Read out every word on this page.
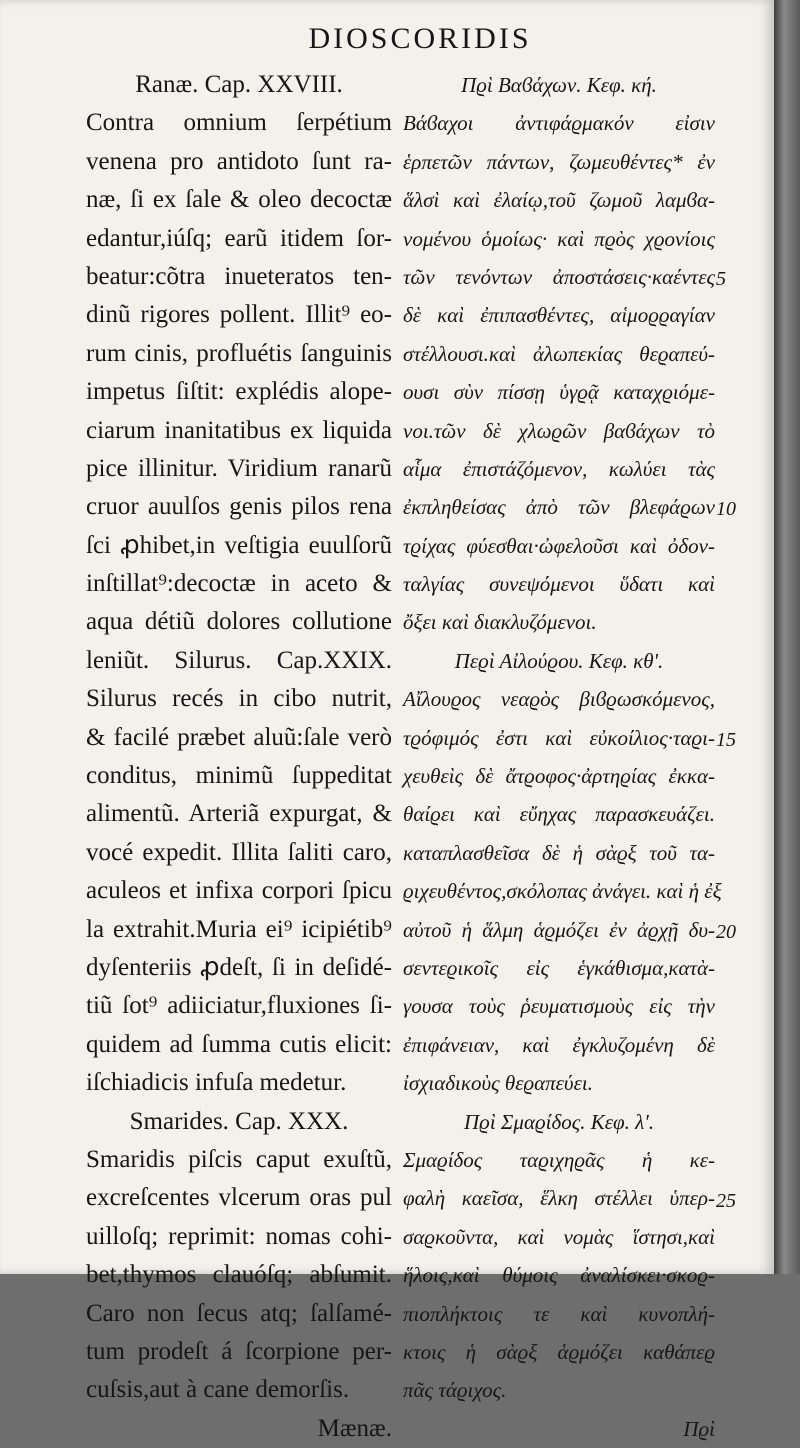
DIOSCORIDIS
Ranæ. Cap. XXVIII.
Contra omnium ſerpétium
venena pro antidoto ſunt ra-
næ, ſi ex ſale & oleo decoctæ
edantur,iúſq; earũ itidem ſor-
beatur:cõtra inueteratos ten-
dinũ rigores pollent. Illit⁹ eo-
rum cinis, profluétis ſanguinis
impetus ſiſtit: explédis alope-
ciarum inanitatibus ex liquida
pice illinitur. Viridium ranarũ
cruor auulſos genis pilos rena
ſci ꝓhibet,in veſtigia euulſorũ
inſtillat⁹:decoctæ in aceto &
aqua détiũ dolores collutione
leniũt. Silurus. Cap.XXIX.
Silurus recés in cibo nutrit,
& facilé præbet aluũ:ſale verò
conditus, minimũ ſuppeditat
alimentũ. Arteriã expurgat, &
vocé expedit. Illita ſaliti caro,
aculeos et infixa corpori ſpicu
la extrahit.Muria ei⁹ icipiétib⁹
dyſenteriis ꝓdeſt, ſi in deſidé-
tiũ ſot⁹ adiiciatur,fluxiones ſi-
quidem ad ſumma cutis elicit:
iſchiadicis infuſa medetur.
Smarides. Cap. XXX.
Smaridis piſcis caput exuſtũ,
excreſcentes vlcerum oras pul
uilloſq; reprimit: nomas cohi-
bet,thymos clauóſq; abſumit.
Caro non ſecus atq; ſalſamé-
tum prodeſt á ſcorpione per-
cuſsis,aut à cane demorſis.
Mænæ.
Πϱὶ Βαϐάχων. Κεφ. κή.
Βάϐαχοι ἀντιφάϱμακόν εἰσιν
ἑρπετῶν πάντων, ζωμευθέντες* ἐν
ἅλσὶ καὶ ἐλαίῳ,τοῦ ζωμοῦ λαμϐα-
νομένου ὁμοίως· καὶ πϱὸς χϱονίοις
τῶν τενόντων ἀποστάσεις·καέντες
δὲ καὶ ἐπιπασθέντες, αἱμοϱϱαγίαν
στέλλουσι.καὶ ἀλωπεκίας θεϱαπεύ-
ουσι σὺν πίσσῃ ὑγϱᾷ καταχϱιόμε-
νοι.τῶν δὲ χλωϱῶν βαϐάχων τὸ
αἷμα ἐπιστάζόμενον, κωλύει τὰς
ἐκπληθείσας ἀπὸ τῶν βλεφάϱων
τϱίχας φύεσθαι·ὠφελοῦσι καὶ ὀδον-
ταλγίας συνεψόμενοι ὕδατι καὶ
ὄξει καὶ διακλυζόμενοι.
Πεϱὶ Αἰλούϱου. Κεφ. κθ'.
Αἴλουϱος νεαϱὸς βιϐϱωσκόμενος,
τϱόφιμός ἐστι καὶ εὐκοίλιος·ταϱι-
χευθεὶς δὲ ἄτϱοφος·ἀρτηϱίας ἐκκα-
θαίϱει καὶ εὔηχας παρασκευάζει.
καταπλασθεῖσα δὲ ἡ σὰϱξ τοῦ τα-
ϱιχευθέντος,σκόλοπας ἀνάγει. καὶ ἡ ἐξ
αὐτοῦ ἡ ἅλμη ἁϱμόζει ἐν ἀϱχῇ δυ-
σεντεϱικοῖς εἰς ἑγκάθισμα,κατὰ-
γουσα τοὺς ῥευματισμοὺς εἰς τὴν
ἐπιφάνειαν, καὶ ἐγκλυζομένη δὲ
ἰσχιαδικοὺς θεϱαπεύει.
Πϱὶ Σμαϱίδος. Κεφ. λ'.
Σμαϱίδος ταϱιχηϱᾶς ἡ κε-
φαλὴ καεῖσα, ἕλκη στέλλει ὑπερ-
σαϱκοῦντα, καὶ νομὰς ἵστησι,καὶ
ἥλοις,καὶ θύμοις ἀναλίσκει·σκοϱ-
πιοπλήκτοις τε καὶ κυνοπλή-
κτοις ἡ σὰϱξ ἁϱμόζει καθάπεϱ
πᾶς τάϱιχος.
Πϱὶ
5
10
15
20
25
